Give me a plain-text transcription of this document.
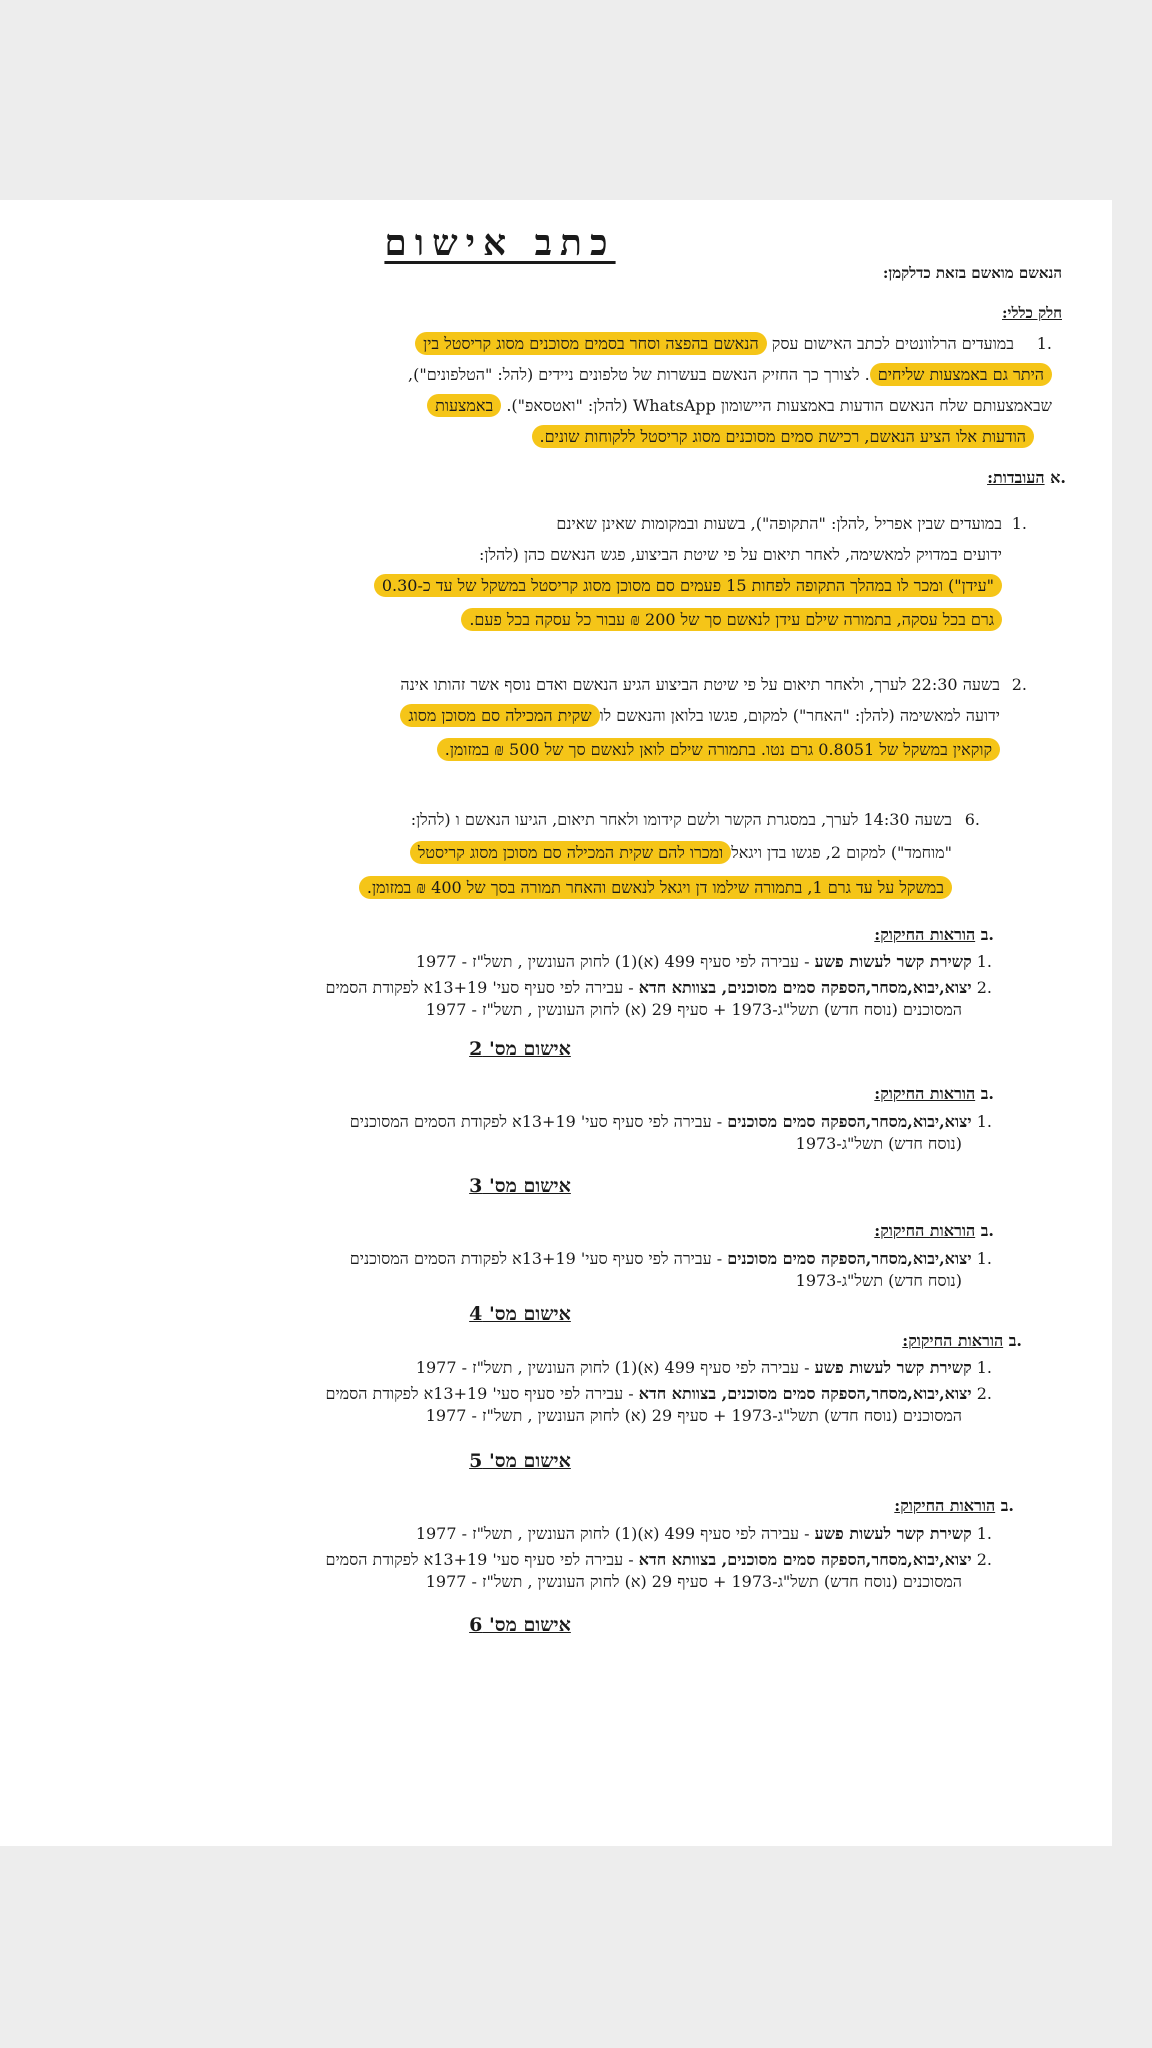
כתב אישום
הנאשם מואשם בזאת כדלקמן:
חלק כללי:
.1
במועדים הרלוונטים לכתב האישום עסק הנאשם בהפצה וסחר בסמים מסוכנים מסוג קריסטל בין
היתר גם באמצעות שליחים. לצורך כך החזיק הנאשם בעשרות של טלפונים ניידים (להל: "הטלפונים"),
שבאמצעותם שלח הנאשם הודעות באמצעות היישומון WhatsApp (להלן: "ואטסאפ"). באמצעות
הודעות אלו הציע הנאשם, רכישת סמים מסוכנים מסוג קריסטל ללקוחות שונים.
.א העובדות:
.1
במועדים שבין אפריל ,להלן: "התקופה"), בשעות ובמקומות שאינן שאינם
ידועים במדויק למאשימה, לאחר תיאום על פי שיטת הביצוע, פגש הנאשם כהן (להלן:
"עידן") ומכר לו במהלך התקופה לפחות 15 פעמים סם מסוכן מסוג קריסטל במשקל של עד כ-0.30
גרם בכל עסקה, בתמורה שילם עידן לנאשם סך של 200 ₪ עבור כל עסקה בכל פעם.
.2
בשעה 22:30 לערך, ולאחר תיאום על פי שיטת הביצוע הגיע הנאשם ואדם נוסף אשר זהותו אינה
ידועה למאשימה (להלן: "האחר") למקום, פגשו בלואן והנאשם לושקית המכילה סם מסוכן מסוג
קוקאין במשקל של 0.8051 גרם נטו. בתמורה שילם לואן לנאשם סך של 500 ₪ במזומן.
.6
בשעה 14:30 לערך, במסגרת הקשר ולשם קידומו ולאחר תיאום, הגיעו הנאשם ו (להלן:
"מוחמד") למקום 2, פגשו בדן ויגאלומכרו להם שקית המכילה סם מסוכן מסוג קריסטל
במשקל על עד גרם 1, בתמורה שילמו דן ויגאל לנאשם והאחר תמורה בסך של 400 ₪ במזומן.
.ב הוראות החיקוק:
.1 קשירת קשר לעשות פשע - עבירה לפי סעיף 499 (א)(1) לחוק העונשין , תשל"ז - 1977
.2 יצוא,יבוא,מסחר,הספקה סמים מסוכנים, בצוותא חדא - עבירה לפי סעיף סעי' 13+19א לפקודת הסמים
המסוכנים (נוסח חדש) תשל"ג-1973 + סעיף 29 (א) לחוק העונשין , תשל"ז - 1977
אישום מס' 2
.ב הוראות החיקוק:
.1 יצוא,יבוא,מסחר,הספקה סמים מסוכנים - עבירה לפי סעיף סעי' 13+19א לפקודת הסמים המסוכנים
(נוסח חדש) תשל"ג-1973
אישום מס' 3
.ב הוראות החיקוק:
.1 יצוא,יבוא,מסחר,הספקה סמים מסוכנים - עבירה לפי סעיף סעי' 13+19א לפקודת הסמים המסוכנים
(נוסח חדש) תשל"ג-1973
אישום מס' 4
.ב הוראות החיקוק:
.1 קשירת קשר לעשות פשע - עבירה לפי סעיף 499 (א)(1) לחוק העונשין , תשל"ז - 1977
.2 יצוא,יבוא,מסחר,הספקה סמים מסוכנים, בצוותא חדא - עבירה לפי סעיף סעי' 13+19א לפקודת הסמים
המסוכנים (נוסח חדש) תשל"ג-1973 + סעיף 29 (א) לחוק העונשין , תשל"ז - 1977
אישום מס' 5
.ב הוראות החיקוק:
.1 קשירת קשר לעשות פשע - עבירה לפי סעיף 499 (א)(1) לחוק העונשין , תשל"ז - 1977
.2 יצוא,יבוא,מסחר,הספקה סמים מסוכנים, בצוותא חדא - עבירה לפי סעיף סעי' 13+19א לפקודת הסמים
המסוכנים (נוסח חדש) תשל"ג-1973 + סעיף 29 (א) לחוק העונשין , תשל"ז - 1977
אישום מס' 6
